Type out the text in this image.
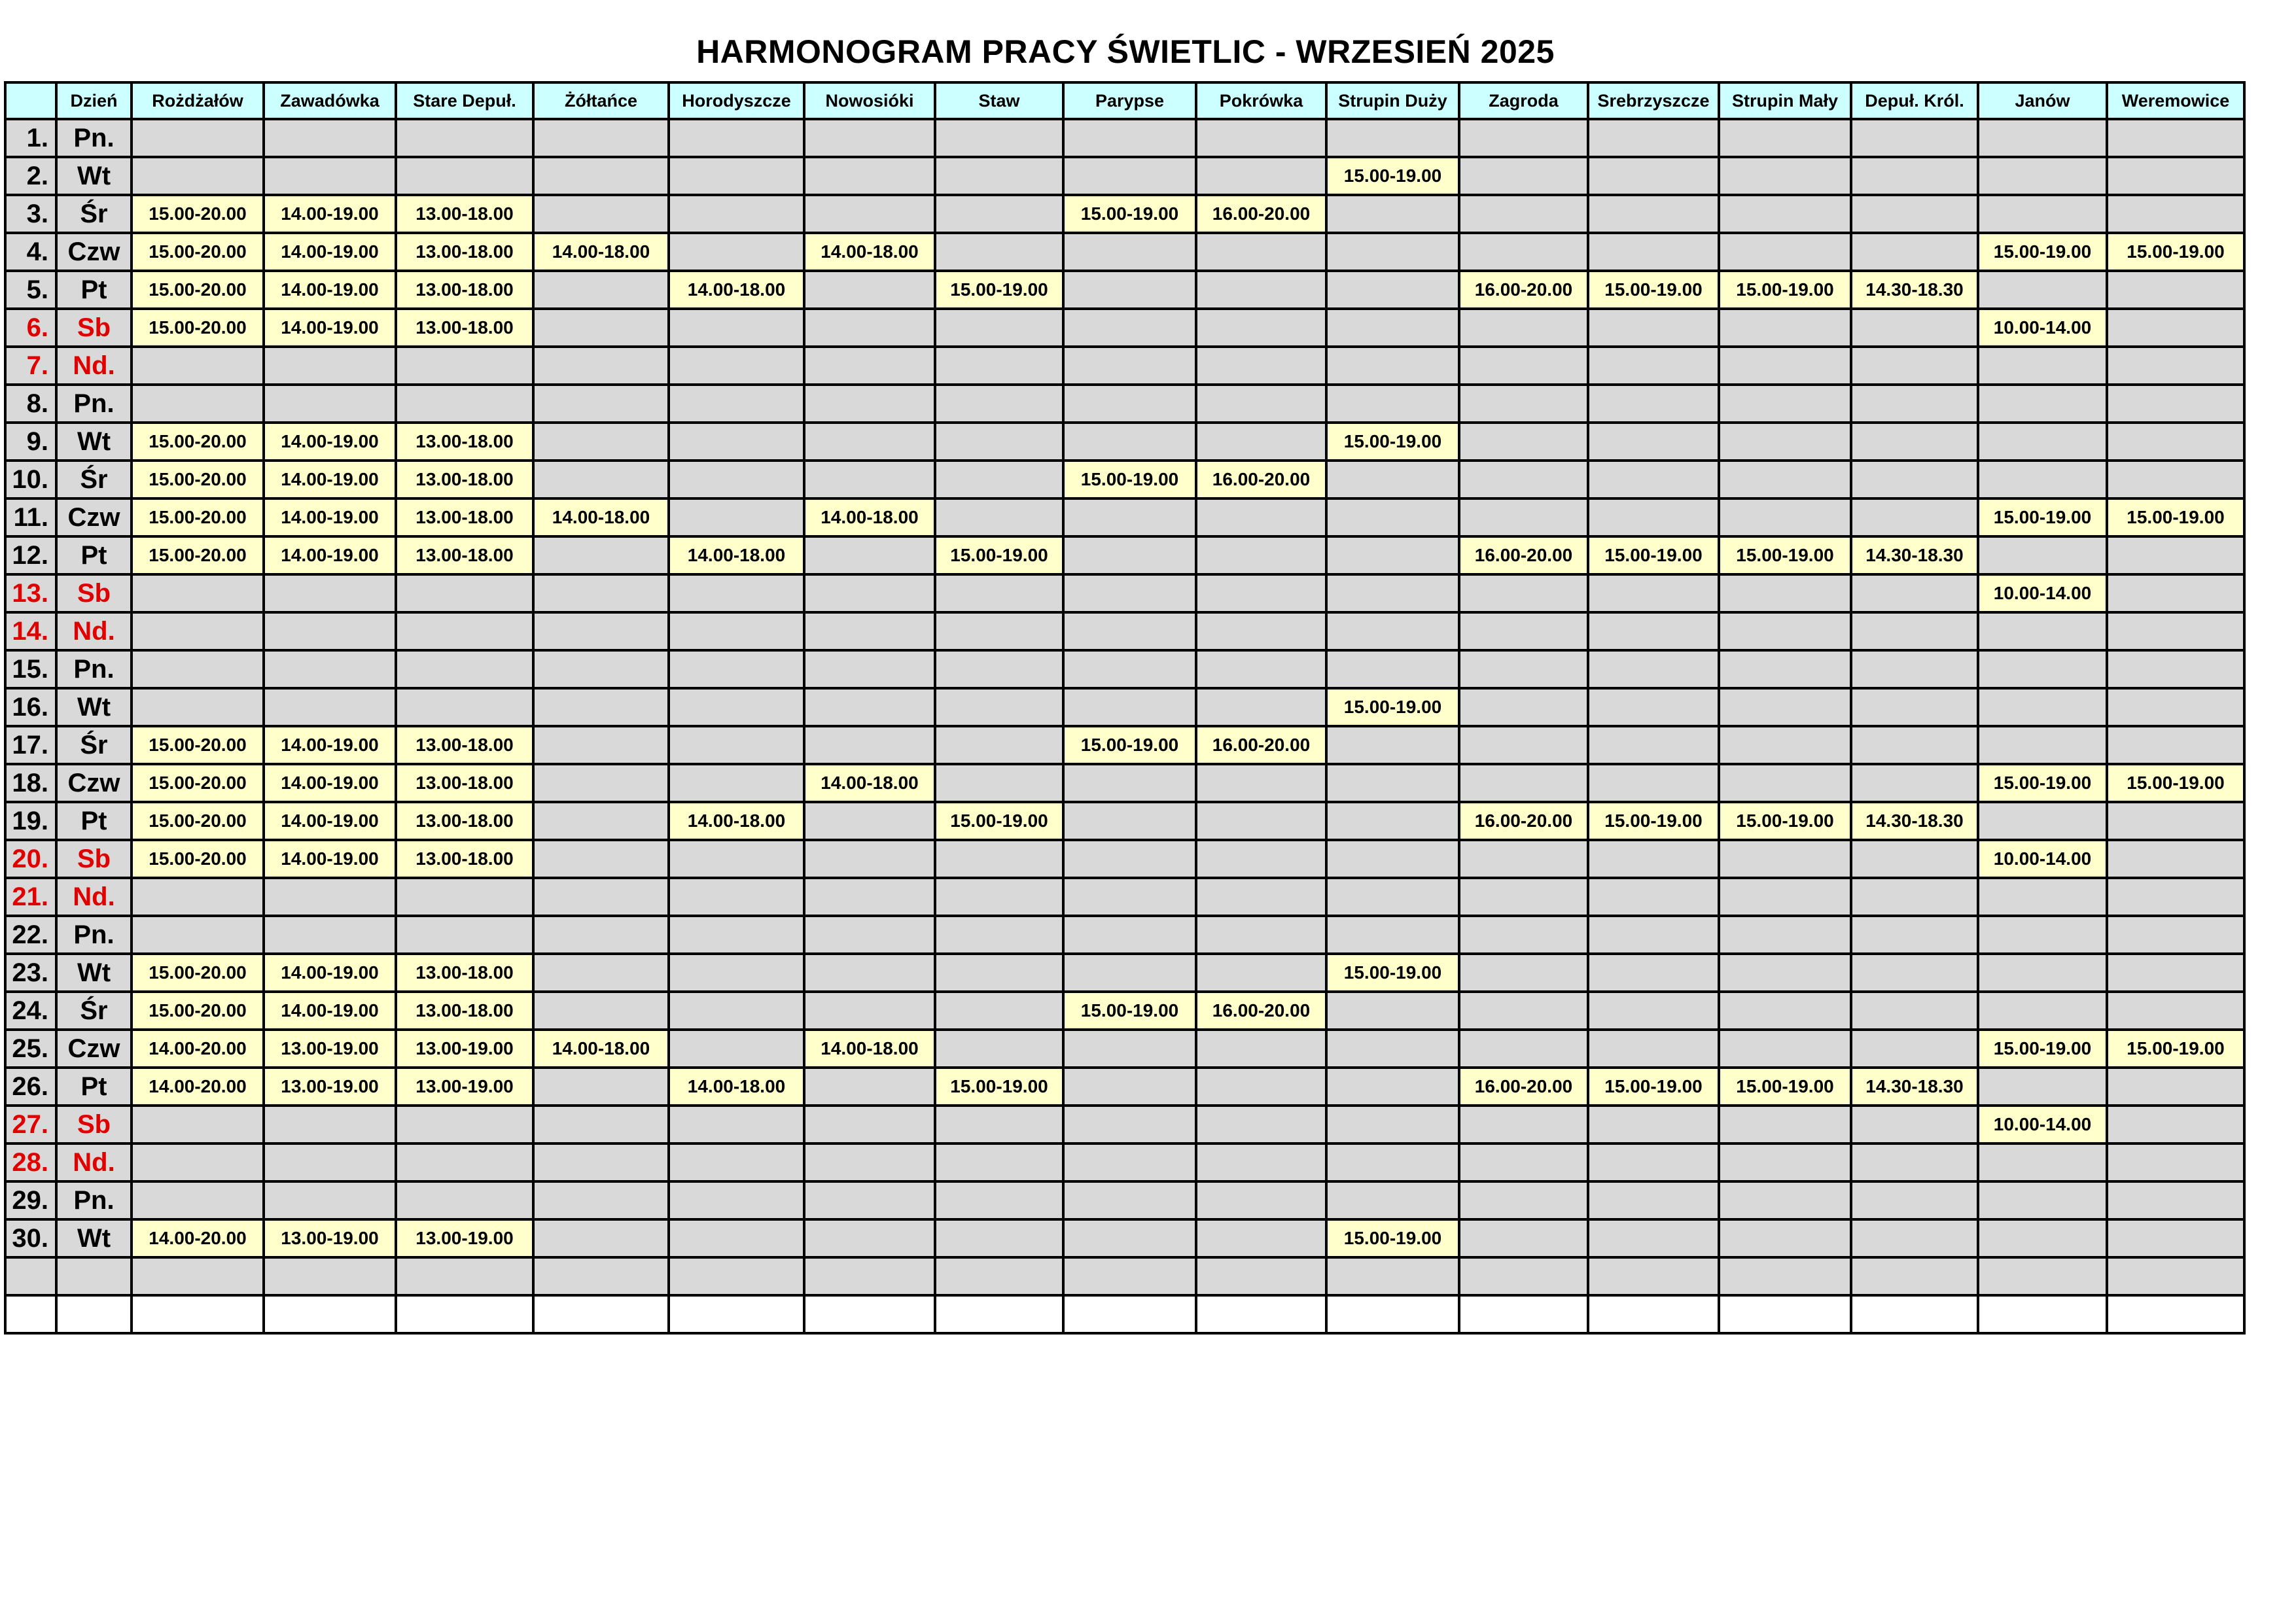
HARMONOGRAM PRACY ŚWIETLIC - WRZESIEŃ 2025
	Dzień	Rożdżałów	Zawadówka	Stare Depuł.	Żółtańce	Horodyszcze	Nowosióki	Staw	Parypse	Pokrówka	Strupin Duży	Zagroda	Srebrzyszcze	Strupin Mały	Depuł. Król.	Janów	Weremowice
1.	Pn.																
2.	Wt										15.00-19.00						
3.	Śr	15.00-20.00	14.00-19.00	13.00-18.00					15.00-19.00	16.00-20.00							
4.	Czw	15.00-20.00	14.00-19.00	13.00-18.00	14.00-18.00		14.00-18.00									15.00-19.00	15.00-19.00
5.	Pt	15.00-20.00	14.00-19.00	13.00-18.00		14.00-18.00		15.00-19.00				16.00-20.00	15.00-19.00	15.00-19.00	14.30-18.30		
6.	Sb	15.00-20.00	14.00-19.00	13.00-18.00												10.00-14.00	
7.	Nd.																
8.	Pn.																
9.	Wt	15.00-20.00	14.00-19.00	13.00-18.00							15.00-19.00						
10.	Śr	15.00-20.00	14.00-19.00	13.00-18.00					15.00-19.00	16.00-20.00							
11.	Czw	15.00-20.00	14.00-19.00	13.00-18.00	14.00-18.00		14.00-18.00									15.00-19.00	15.00-19.00
12.	Pt	15.00-20.00	14.00-19.00	13.00-18.00		14.00-18.00		15.00-19.00				16.00-20.00	15.00-19.00	15.00-19.00	14.30-18.30		
13.	Sb															10.00-14.00	
14.	Nd.																
15.	Pn.																
16.	Wt										15.00-19.00						
17.	Śr	15.00-20.00	14.00-19.00	13.00-18.00					15.00-19.00	16.00-20.00							
18.	Czw	15.00-20.00	14.00-19.00	13.00-18.00			14.00-18.00									15.00-19.00	15.00-19.00
19.	Pt	15.00-20.00	14.00-19.00	13.00-18.00		14.00-18.00		15.00-19.00				16.00-20.00	15.00-19.00	15.00-19.00	14.30-18.30		
20.	Sb	15.00-20.00	14.00-19.00	13.00-18.00												10.00-14.00	
21.	Nd.																
22.	Pn.																
23.	Wt	15.00-20.00	14.00-19.00	13.00-18.00							15.00-19.00						
24.	Śr	15.00-20.00	14.00-19.00	13.00-18.00					15.00-19.00	16.00-20.00							
25.	Czw	14.00-20.00	13.00-19.00	13.00-19.00	14.00-18.00		14.00-18.00									15.00-19.00	15.00-19.00
26.	Pt	14.00-20.00	13.00-19.00	13.00-19.00		14.00-18.00		15.00-19.00				16.00-20.00	15.00-19.00	15.00-19.00	14.30-18.30		
27.	Sb															10.00-14.00	
28.	Nd.																
29.	Pn.																
30.	Wt	14.00-20.00	13.00-19.00	13.00-19.00							15.00-19.00						
